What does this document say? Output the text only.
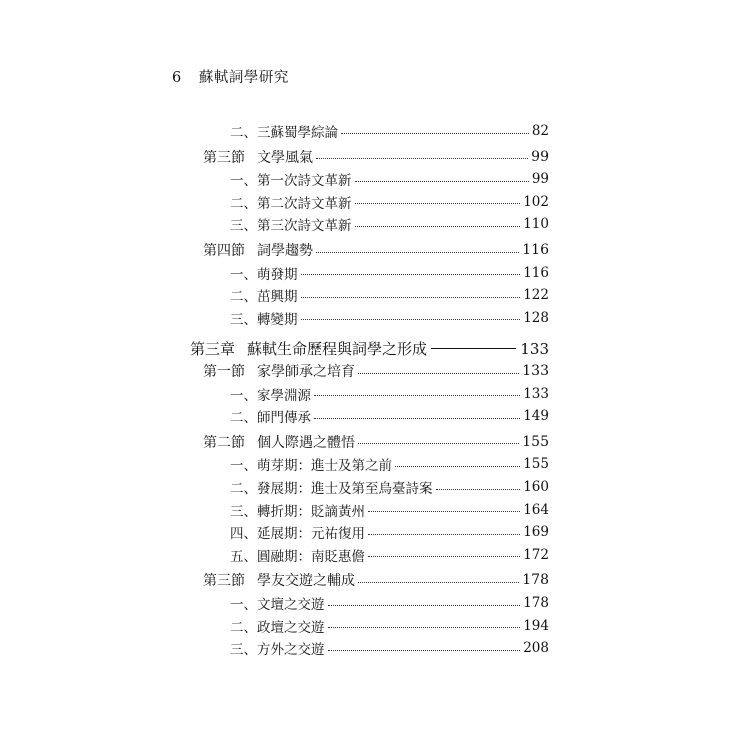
6 蘇軾詞學研究
二、三蘇蜀學綜論	82
第三節 文學風氣	99
一、第一次詩文革新	99
二、第二次詩文革新	102
三、第三次詩文革新	110
第四節 詞學趨勢	116
一、萌發期	116
二、茁興期	122
三、轉變期	128
第三章 蘇軾生命歷程與詞學之形成	133
第一節 家學師承之培育	133
一、家學淵源	133
二、師門傳承	149
第二節 個人際遇之體悟	155
一、萌芽期：進士及第之前	155
二、發展期：進士及第至烏臺詩案	160
三、轉折期：貶謫黃州	164
四、延展期：元祐復用	169
五、圓融期：南貶惠儋	172
第三節 學友交遊之輔成	178
一、文壇之交遊	178
二、政壇之交遊	194
三、方外之交遊	208
